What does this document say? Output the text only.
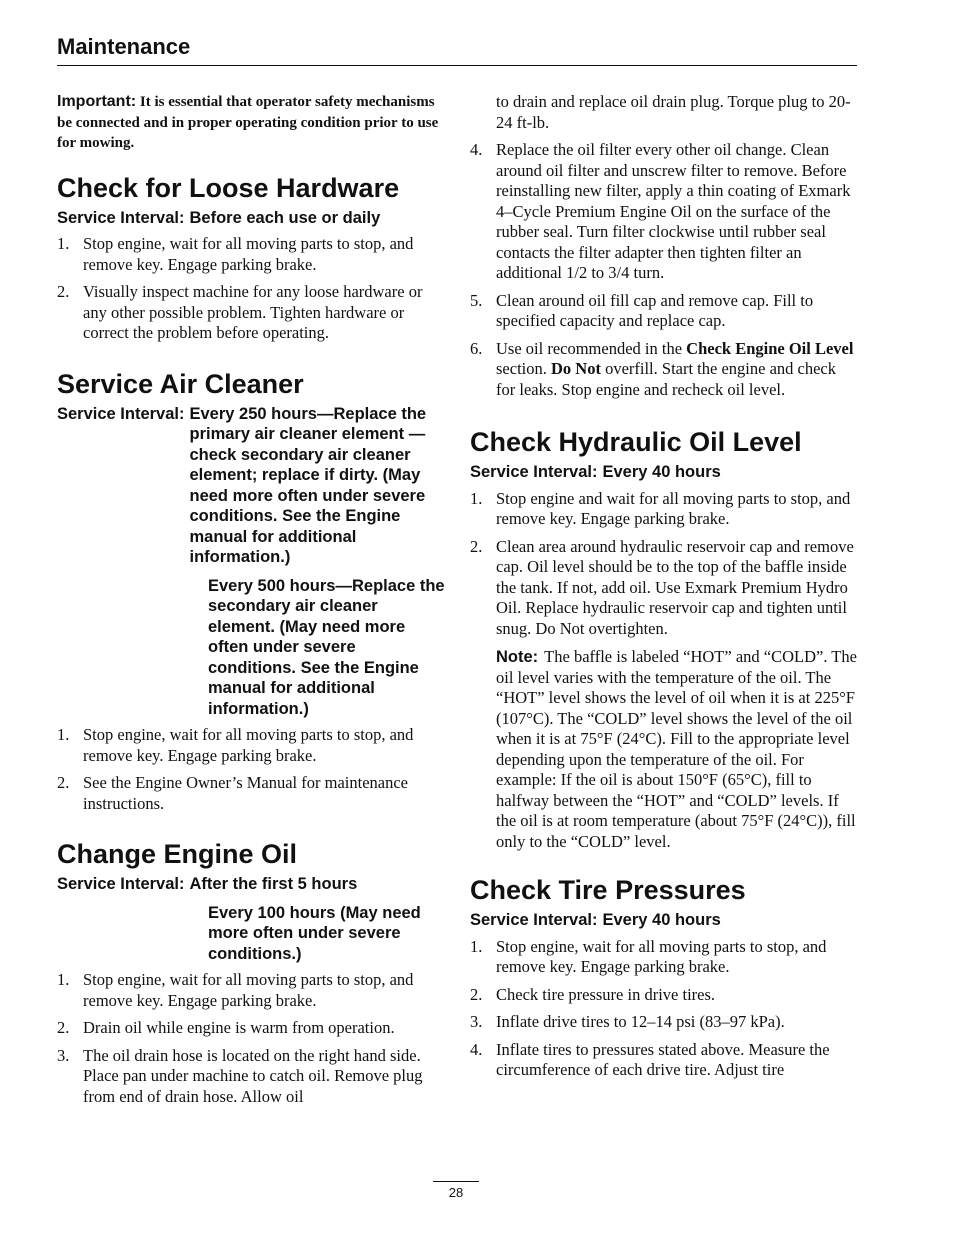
Maintenance

Important: It is essential that operator safety mechanisms be connected and in proper operating condition prior to use for mowing.

Check for Loose Hardware
Service Interval: Before each use or daily
1. Stop engine, wait for all moving parts to stop, and remove key. Engage parking brake.
2. Visually inspect machine for any loose hardware or any other possible problem. Tighten hardware or correct the problem before operating.
Service Air Cleaner
Service Interval: Every 250 hours—Replace the primary air cleaner element — check secondary air cleaner element; replace if dirty. (May need more often under severe conditions. See the Engine manual for additional information.)
Every 500 hours—Replace the secondary air cleaner element. (May need more often under severe conditions. See the Engine manual for additional information.)
1. Stop engine, wait for all moving parts to stop, and remove key. Engage parking brake.
2. See the Engine Owner’s Manual for maintenance instructions.
Change Engine Oil
Service Interval: After the first 5 hours
Every 100 hours (May need more often under severe conditions.)
1. Stop engine, wait for all moving parts to stop, and remove key. Engage parking brake.
2. Drain oil while engine is warm from operation.
3. The oil drain hose is located on the right hand side. Place pan under machine to catch oil. Remove plug from end of drain hose. Allow oil
to drain and replace oil drain plug. Torque plug to 20-24 ft-lb.
4. Replace the oil filter every other oil change. Clean around oil filter and unscrew filter to remove. Before reinstalling new filter, apply a thin coating of Exmark 4–Cycle Premium Engine Oil on the surface of the rubber seal. Turn filter clockwise until rubber seal contacts the filter adapter then tighten filter an additional 1/2 to 3/4 turn.
5. Clean around oil fill cap and remove cap. Fill to specified capacity and replace cap.
6. Use oil recommended in the Check Engine Oil Level section. Do Not overfill. Start the engine and check for leaks. Stop engine and recheck oil level.
Check Hydraulic Oil Level
Service Interval: Every 40 hours
1. Stop engine and wait for all moving parts to stop, and remove key. Engage parking brake.
2. Clean area around hydraulic reservoir cap and remove cap. Oil level should be to the top of the baffle inside the tank. If not, add oil. Use Exmark Premium Hydro Oil. Replace hydraulic reservoir cap and tighten until snug. Do Not overtighten.
Note: The baffle is labeled “HOT” and “COLD”. The oil level varies with the temperature of the oil. The “HOT” level shows the level of oil when it is at 225°F (107°C). The “COLD” level shows the level of the oil when it is at 75°F (24°C). Fill to the appropriate level depending upon the temperature of the oil. For example: If the oil is about 150°F (65°C), fill to halfway between the “HOT” and “COLD” levels. If the oil is at room temperature (about 75°F (24°C)), fill only to the “COLD” level.
Check Tire Pressures
Service Interval: Every 40 hours
1. Stop engine, wait for all moving parts to stop, and remove key. Engage parking brake.
2. Check tire pressure in drive tires.
3. Inflate drive tires to 12–14 psi (83–97 kPa).
4. Inflate tires to pressures stated above. Measure the circumference of each drive tire. Adjust tire
28
